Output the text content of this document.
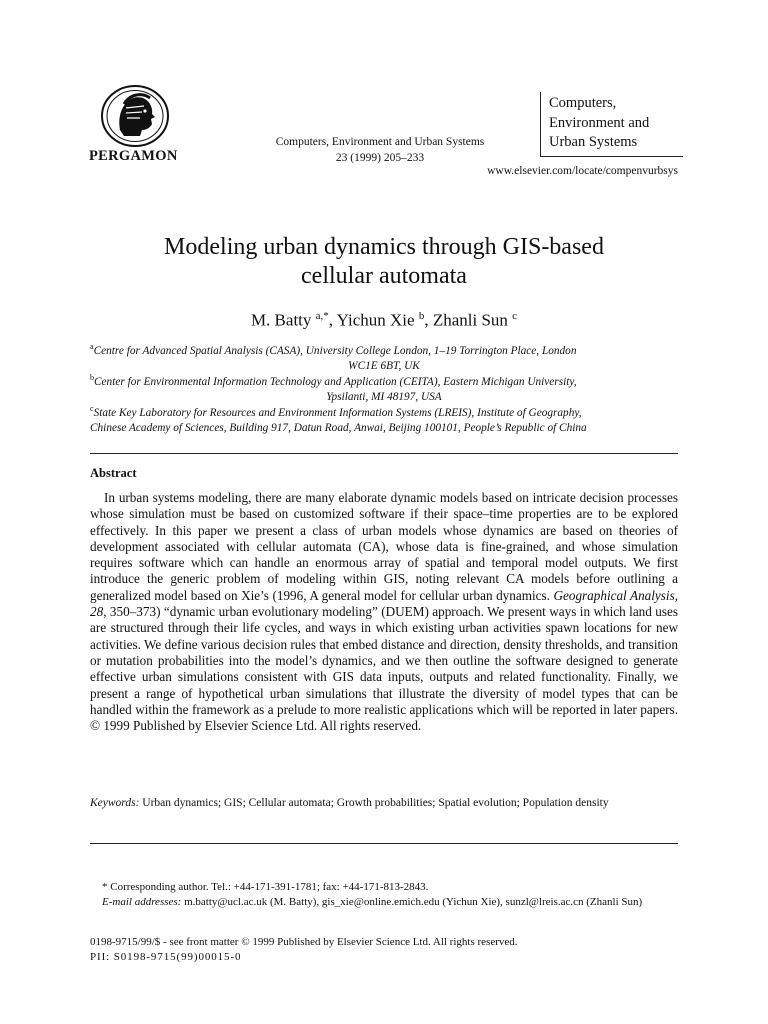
PERGAMON
Computers, Environment and Urban Systems
23 (1999) 205–233
Computers,
Environment and
Urban Systems
www.elsevier.com/locate/compenvurbsys
Modeling urban dynamics through GIS-based
cellular automata
M. Batty $^{a,*}$, Yichun Xie $^b$, Zhanli Sun $^c$
$^a$Centre for Advanced Spatial Analysis (CASA), University College London, 1–19 Torrington Place, London
WC1E 6BT, UK
$^b$Center for Environmental Information Technology and Application (CEITA), Eastern Michigan University,
Ypsilanti, MI 48197, USA
$^c$State Key Laboratory for Resources and Environment Information Systems (LREIS), Institute of Geography,
Chinese Academy of Sciences, Building 917, Datun Road, Anwai, Beijing 100101, People’s Republic of China
Abstract

In urban systems modeling, there are many elaborate dynamic models based on intricate decision processes whose simulation must be based on customized software if their space–time properties are to be explored effectively. In this paper we present a class of urban models whose dynamics are based on theories of development associated with cellular automata (CA), whose data is fine-grained, and whose simulation requires software which can handle an enormous array of spatial and temporal model outputs. We first introduce the generic problem of modeling within GIS, noting relevant CA models before outlining a generalized model based on Xie’s (1996, A general model for cellular urban dynamics. Geographical Analysis, 28, 350–373) “dynamic urban evolutionary modeling” (DUEM) approach. We present ways in which land uses are structured through their life cycles, and ways in which existing urban activities spawn locations for new activities. We define various decision rules that embed distance and direction, density thresholds, and transition or mutation probabilities into the model’s dynamics, and we then outline the software designed to generate effective urban simulations consistent with GIS data inputs, outputs and related functionality. Finally, we present a range of hypothetical urban simulations that illustrate the diversity of model types that can be handled within the framework as a prelude to more realistic applications which will be reported in later papers. © 1999 Published by Elsevier Science Ltd. All rights reserved.

Keywords: Urban dynamics; GIS; Cellular automata; Growth probabilities; Spatial evolution; Population density
* Corresponding author. Tel.: +44-171-391-1781; fax: +44-171-813-2843.
E-mail addresses: m.batty@ucl.ac.uk (M. Batty), gis_xie@online.emich.edu (Yichun Xie), sunzl@lreis.ac.cn (Zhanli Sun)
0198-9715/99/$ - see front matter © 1999 Published by Elsevier Science Ltd. All rights reserved.
PII: S0198-9715(99)00015-0
